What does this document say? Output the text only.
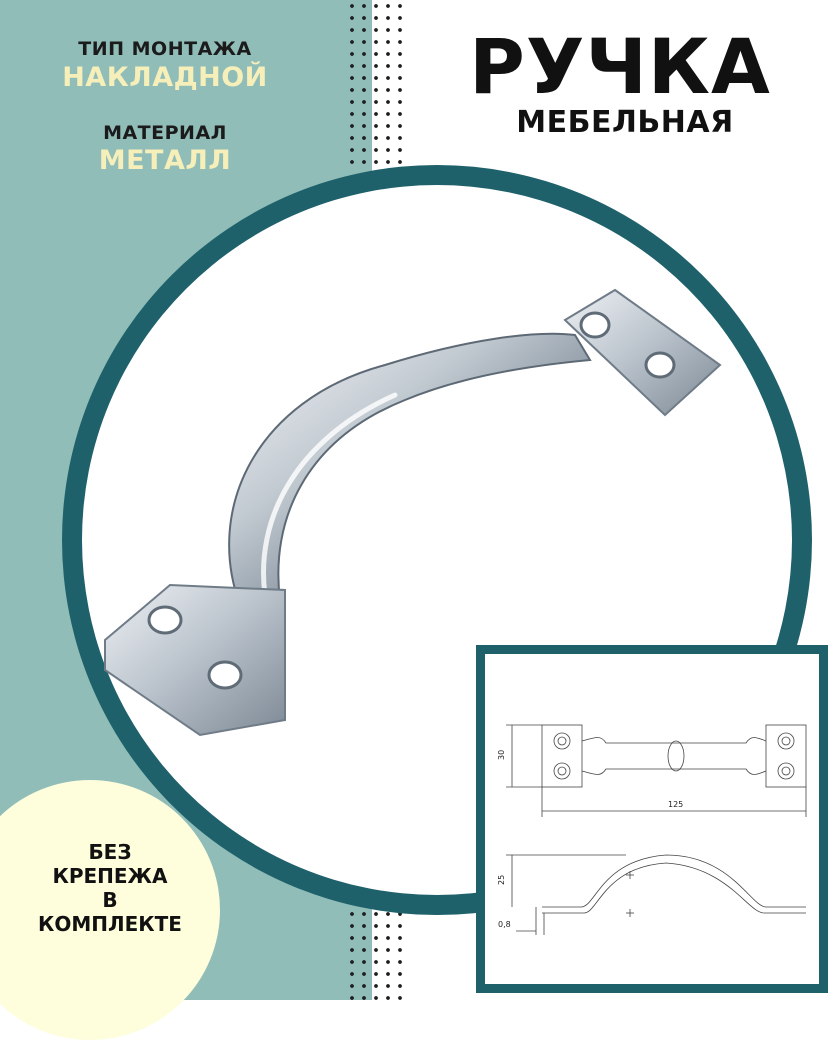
ТИП МОНТАЖА
НАКЛАДНОЙ
МАТЕРИАЛ
МЕТАЛЛ
РУЧКА
МЕБЕЛЬНАЯ
БЕЗ
КРЕПЕЖА
В
КОМПЛЕКТЕ
30
125
25
0,8
